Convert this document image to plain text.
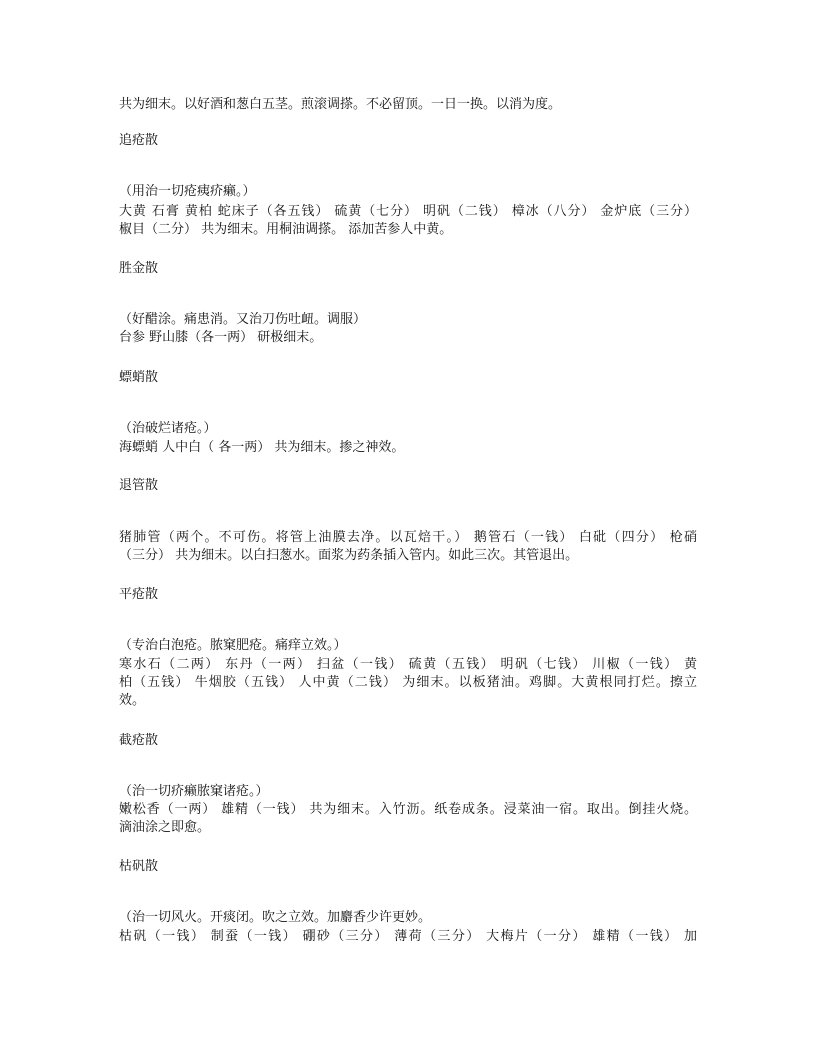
共为细末。以好酒和葱白五茎。煎滚调搽。不必留顶。一日一换。以消为度。
追疮散
（用治一切疮痍疥癞。）
大黄 石膏 黄柏 蛇床子（各五钱） 硫黄（七分） 明矾（二钱） 樟冰（八分） 金炉底（三分）
椒目（二分） 共为细末。用桐油调搽。 添加苦参人中黄。
胜金散
（好醋涂。痛患消。又治刀伤吐衄。调服）
台参 野山膝（各一两） 研极细末。
螵蛸散
（治破烂诸疮。）
海螵蛸 人中白（ 各一两） 共为细末。掺之神效。
退管散
猪肺管（两个。不可伤。将管上油膜去净。以瓦焙干。） 鹅管石（一钱） 白砒（四分） 枪硝
（三分） 共为细末。以白扫葱水。面浆为药条插入管内。如此三次。其管退出。
平疮散
（专治白泡疮。脓窠肥疮。痛痒立效。）
寒水石（二两） 东丹（一两） 扫盆（一钱） 硫黄（五钱） 明矾（七钱） 川椒（一钱） 黄
柏（五钱） 牛烟胶（五钱） 人中黄（二钱） 为细末。以板猪油。鸡脚。大黄根同打烂。擦立
效。
截疮散
（治一切疥癞脓窠诸疮。）
嫩松香（一两） 雄精（一钱） 共为细末。入竹沥。纸卷成条。浸菜油一宿。取出。倒挂火烧。
滴油涂之即愈。
枯矾散
（治一切风火。开痰闭。吹之立效。加麝香少许更妙。
枯矾（一钱） 制蚕（一钱） 硼砂（三分） 薄荷（三分） 大梅片（一分） 雄精（一钱） 加
